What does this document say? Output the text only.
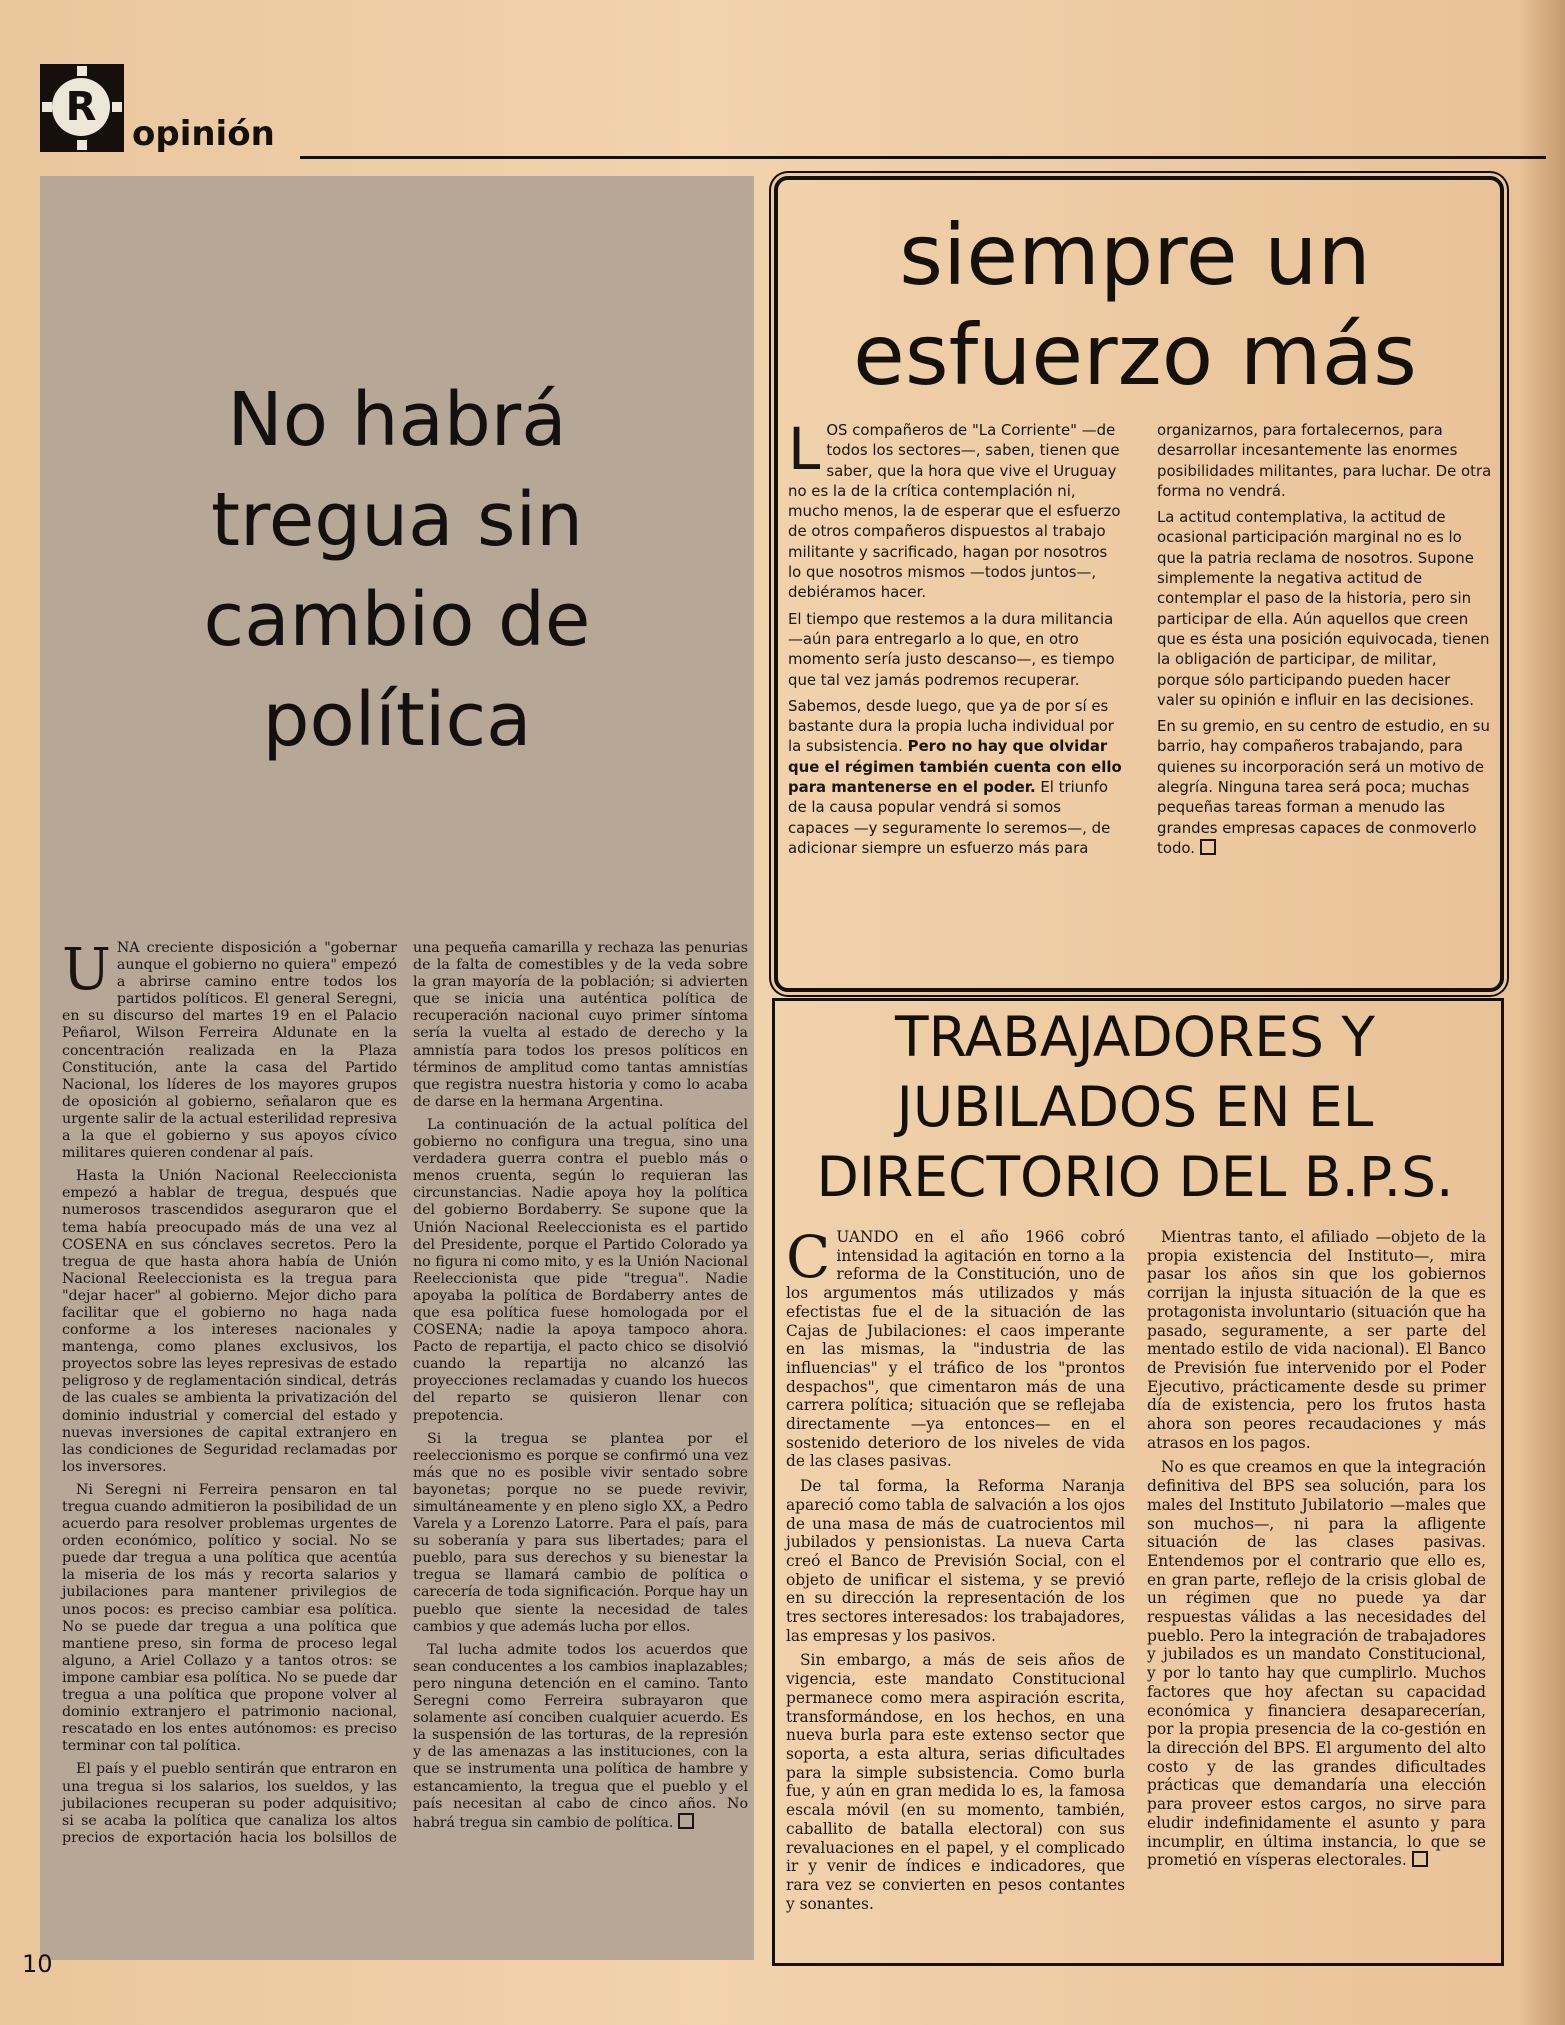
R
opinión
No habrá
tregua sin
cambio de
política

UNA creciente disposición a "gobernar aunque el gobierno no quiera" empezó a abrirse camino entre todos los partidos políticos. El general Seregni, en su discurso del martes 19 en el Palacio Peñarol, Wilson Ferreira Aldunate en la concentración realizada en la Plaza Constitución, ante la casa del Partido Nacional, los líderes de los mayores grupos de oposición al gobierno, señalaron que es urgente salir de la actual esterilidad represiva a la que el gobierno y sus apoyos cívico militares quieren condenar al país.

Hasta la Unión Nacional Reeleccionista empezó a hablar de tregua, después que numerosos trascendidos aseguraron que el tema había preocupado más de una vez al COSENA en sus cónclaves secretos. Pero la tregua de que hasta ahora había de Unión Nacional Reeleccionista es la tregua para "dejar hacer" al gobierno. Mejor dicho para facilitar que el gobierno no haga nada conforme a los intereses nacionales y mantenga, como planes exclusivos, los proyectos sobre las leyes represivas de estado peligroso y de reglamentación sindical, detrás de las cuales se ambienta la privatización del dominio industrial y comercial del estado y nuevas inversiones de capital extranjero en las condiciones de Seguridad reclamadas por los inversores.

Ni Seregni ni Ferreira pensaron en tal tregua cuando admitieron la posibilidad de un acuerdo para resolver problemas urgentes de orden económico, político y social. No se puede dar tregua a una política que acentúa la miseria de los más y recorta salarios y jubilaciones para mantener privilegios de unos pocos: es preciso cambiar esa política. No se puede dar tregua a una política que mantiene preso, sin forma de proceso legal alguno, a Ariel Collazo y a tantos otros: se impone cambiar esa política. No se puede dar tregua a una política que propone volver al dominio extranjero el patrimonio nacional, rescatado en los entes autónomos: es preciso terminar con tal política.

El país y el pueblo sentirán que entraron en una tregua si los salarios, los sueldos, y las jubilaciones recuperan su poder adquisitivo; si se acaba la política que canaliza los altos precios de exportación hacia los bolsillos de una pequeña camarilla y rechaza las penurias de la falta de comestibles y de la veda sobre la gran mayoría de la población; si advierten que se inicia una auténtica política de recuperación nacional cuyo primer síntoma sería la vuelta al estado de derecho y la amnistía para todos los presos políticos en términos de amplitud como tantas amnistías que registra nuestra historia y como lo acaba de darse en la hermana Argentina.

La continuación de la actual política del gobierno no configura una tregua, sino una verdadera guerra contra el pueblo más o menos cruenta, según lo requieran las circunstancias. Nadie apoya hoy la política del gobierno Bordaberry. Se supone que la Unión Nacional Reeleccionista es el partido del Presidente, porque el Partido Colorado ya no figura ni como mito, y es la Unión Nacional Reeleccionista que pide "tregua". Nadie apoyaba la política de Bordaberry antes de que esa política fuese homologada por el COSENA; nadie la apoya tampoco ahora. Pacto de repartija, el pacto chico se disolvió cuando la repartija no alcanzó las proyecciones reclamadas y cuando los huecos del reparto se quisieron llenar con prepotencia.

Si la tregua se plantea por el reeleccionismo es porque se confirmó una vez más que no es posible vivir sentado sobre bayonetas; porque no se puede revivir, simultáneamente y en pleno siglo XX, a Pedro Varela y a Lorenzo Latorre. Para el país, para su soberanía y para sus libertades; para el pueblo, para sus derechos y su bienestar la tregua se llamará cambio de política o carecería de toda significación. Porque hay un pueblo que siente la necesidad de tales cambios y que además lucha por ellos.

Tal lucha admite todos los acuerdos que sean conducentes a los cambios inaplazables; pero ninguna detención en el camino. Tanto Seregni como Ferreira subrayaron que solamente así conciben cualquier acuerdo. Es la suspensión de las torturas, de la represión y de las amenazas a las instituciones, con la que se instrumenta una política de hambre y estancamiento, la tregua que el pueblo y el país necesitan al cabo de cinco años. No habrá tregua sin cambio de política.

siempre un
esfuerzo más

LOS compañeros de "La Corriente" —de todos los sectores—, saben, tienen que saber, que la hora que vive el Uruguay no es la de la crítica contemplación ni, mucho menos, la de esperar que el esfuerzo de otros compañeros dispuestos al trabajo militante y sacrificado, hagan por nosotros lo que nosotros mismos —todos juntos—, debiéramos hacer.

El tiempo que restemos a la dura militancia —aún para entregarlo a lo que, en otro momento sería justo descanso—, es tiempo que tal vez jamás podremos recuperar.

Sabemos, desde luego, que ya de por sí es bastante dura la propia lucha individual por la subsistencia. Pero no hay que olvidar que el régimen también cuenta con ello para mantenerse en el poder. El triunfo de la causa popular vendrá si somos capaces —y seguramente lo seremos—, de adicionar siempre un esfuerzo más para organizarnos, para fortalecernos, para desarrollar incesantemente las enormes posibilidades militantes, para luchar. De otra forma no vendrá.

La actitud contemplativa, la actitud de ocasional participación marginal no es lo que la patria reclama de nosotros. Supone simplemente la negativa actitud de contemplar el paso de la historia, pero sin participar de ella. Aún aquellos que creen que es ésta una posición equivocada, tienen la obligación de participar, de militar, porque sólo participando pueden hacer valer su opinión e influir en las decisiones.

En su gremio, en su centro de estudio, en su barrio, hay compañeros trabajando, para quienes su incorporación será un motivo de alegría. Ninguna tarea será poca; muchas pequeñas tareas forman a menudo las grandes empresas capaces de conmoverlo todo.

TRABAJADORES Y
JUBILADOS EN EL
DIRECTORIO DEL B.P.S.

CUANDO en el año 1966 cobró intensidad la agitación en torno a la reforma de la Constitución, uno de los argumentos más utilizados y más efectistas fue el de la situación de las Cajas de Jubilaciones: el caos imperante en las mismas, la "industria de las influencias" y el tráfico de los "prontos despachos", que cimentaron más de una carrera política; situación que se reflejaba directamente —ya entonces— en el sostenido deterioro de los niveles de vida de las clases pasivas.

De tal forma, la Reforma Naranja apareció como tabla de salvación a los ojos de una masa de más de cuatrocientos mil jubilados y pensionistas. La nueva Carta creó el Banco de Previsión Social, con el objeto de unificar el sistema, y se previó en su dirección la representación de los tres sectores interesados: los trabajadores, las empresas y los pasivos.

Sin embargo, a más de seis años de vigencia, este mandato Constitucional permanece como mera aspiración escrita, transformándose, en los hechos, en una nueva burla para este extenso sector que soporta, a esta altura, serias dificultades para la simple subsistencia. Como burla fue, y aún en gran medida lo es, la famosa escala móvil (en su momento, también, caballito de batalla electoral) con sus revaluaciones en el papel, y el complicado ir y venir de índices e indicadores, que rara vez se convierten en pesos contantes y sonantes.

Mientras tanto, el afiliado —objeto de la propia existencia del Instituto—, mira pasar los años sin que los gobiernos corrijan la injusta situación de la que es protagonista involuntario (situación que ha pasado, seguramente, a ser parte del mentado estilo de vida nacional). El Banco de Previsión fue intervenido por el Poder Ejecutivo, prácticamente desde su primer día de existencia, pero los frutos hasta ahora son peores recaudaciones y más atrasos en los pagos.

No es que creamos en que la integración definitiva del BPS sea solución, para los males del Instituto Jubilatorio —males que son muchos—, ni para la afligente situación de las clases pasivas. Entendemos por el contrario que ello es, en gran parte, reflejo de la crisis global de un régimen que no puede ya dar respuestas válidas a las necesidades del pueblo. Pero la integración de trabajadores y jubilados es un mandato Constitucional, y por lo tanto hay que cumplirlo. Muchos factores que hoy afectan su capacidad económica y financiera desaparecerían, por la propia presencia de la co-gestión en la dirección del BPS. El argumento del alto costo y de las grandes dificultades prácticas que demandaría una elección para proveer estos cargos, no sirve para eludir indefinidamente el asunto y para incumplir, en última instancia, lo que se prometió en vísperas electorales.

10
